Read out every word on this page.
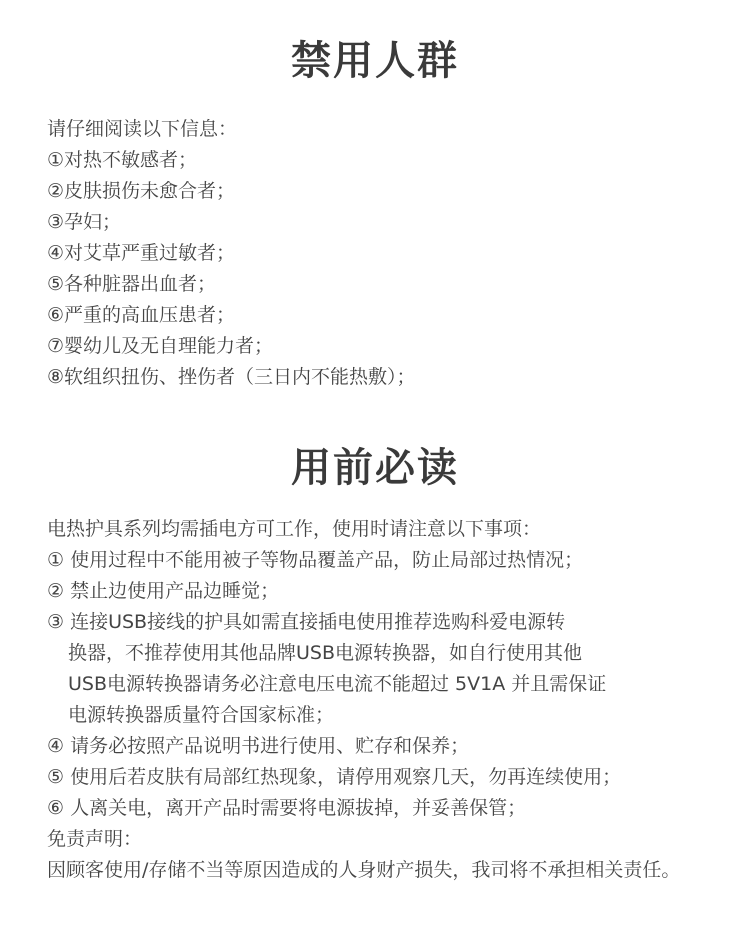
禁用人群
请仔细阅读以下信息：
①对热不敏感者；
②皮肤损伤未愈合者；
③孕妇；
④对艾草严重过敏者；
⑤各种脏器出血者；
⑥严重的高血压患者；
⑦婴幼儿及无自理能力者；
⑧软组织扭伤、挫伤者（三日内不能热敷）；
用前必读
电热护具系列均需插电方可工作，使用时请注意以下事项：
① 使用过程中不能用被子等物品覆盖产品，防止局部过热情况；
② 禁止边使用产品边睡觉；
③ 连接USB接线的护具如需直接插电使用推荐选购科爱电源转
换器，不推荐使用其他品牌USB电源转换器，如自行使用其他
USB电源转换器请务必注意电压电流不能超过 5V1A 并且需保证
电源转换器质量符合国家标准；
④ 请务必按照产品说明书进行使用、贮存和保养；
⑤ 使用后若皮肤有局部红热现象，请停用观察几天，勿再连续使用；
⑥ 人离关电，离开产品时需要将电源拔掉，并妥善保管；
免责声明：
因顾客使用/存储不当等原因造成的人身财产损失，我司将不承担相关责任。
